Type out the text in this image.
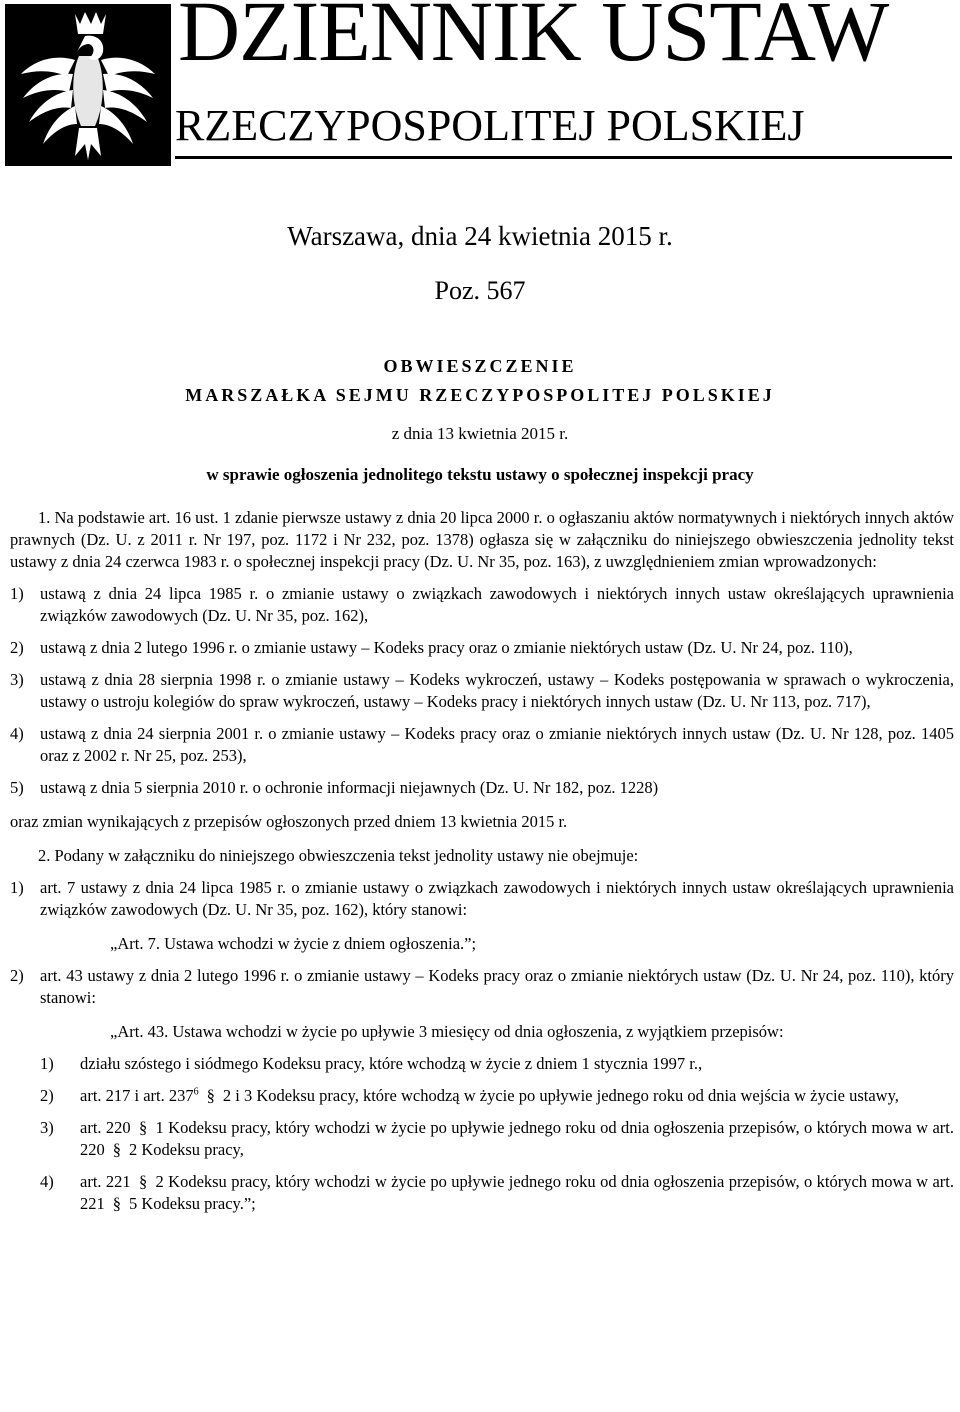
DZIENNIK USTAW
RZECZYPOSPOLITEJ POLSKIEJ
Warszawa, dnia 24 kwietnia 2015 r.
Poz. 567
OBWIESZCZENIE
MARSZAŁKA SEJMU RZECZYPOSPOLITEJ POLSKIEJ
z dnia 13 kwietnia 2015 r.
w sprawie ogłoszenia jednolitego tekstu ustawy o społecznej inspekcji pracy

1. Na podstawie art. 16 ust. 1 zdanie pierwsze ustawy z dnia 20 lipca 2000 r. o ogłaszaniu aktów normatywnych i niektórych innych aktów prawnych (Dz. U. z 2011 r. Nr 197, poz. 1172 i Nr 232, poz. 1378) ogłasza się w załączniku do niniejszego obwieszczenia jednolity tekst ustawy z dnia 24 czerwca 1983 r. o społecznej inspekcji pracy (Dz. U. Nr 35, poz. 163), z uwzględnieniem zmian wprowadzonych:

1) ustawą z dnia 24 lipca 1985 r. o zmianie ustawy o związkach zawodowych i niektórych innych ustaw określających uprawnienia związków zawodowych (Dz. U. Nr 35, poz. 162),
2) ustawą z dnia 2 lutego 1996 r. o zmianie ustawy – Kodeks pracy oraz o zmianie niektórych ustaw (Dz. U. Nr 24, poz. 110),
3) ustawą z dnia 28 sierpnia 1998 r. o zmianie ustawy – Kodeks wykroczeń, ustawy – Kodeks postępowania w sprawach o wykroczenia, ustawy o ustroju kolegiów do spraw wykroczeń, ustawy – Kodeks pracy i niektórych innych ustaw (Dz. U. Nr 113, poz. 717),
4) ustawą z dnia 24 sierpnia 2001 r. o zmianie ustawy – Kodeks pracy oraz o zmianie niektórych innych ustaw (Dz. U. Nr 128, poz. 1405 oraz z 2002 r. Nr 25, poz. 253),
5) ustawą z dnia 5 sierpnia 2010 r. o ochronie informacji niejawnych (Dz. U. Nr 182, poz. 1228)

oraz zmian wynikających z przepisów ogłoszonych przed dniem 13 kwietnia 2015 r.

2. Podany w załączniku do niniejszego obwieszczenia tekst jednolity ustawy nie obejmuje:

1) art. 7 ustawy z dnia 24 lipca 1985 r. o zmianie ustawy o związkach zawodowych i niektórych innych ustaw określających uprawnienia związków zawodowych (Dz. U. Nr 35, poz. 162), który stanowi:
„Art. 7. Ustawa wchodzi w życie z dniem ogłoszenia.”;
2) art. 43 ustawy z dnia 2 lutego 1996 r. o zmianie ustawy – Kodeks pracy oraz o zmianie niektórych ustaw (Dz. U. Nr 24, poz. 110), który stanowi:
„Art. 43. Ustawa wchodzi w życie po upływie 3 miesięcy od dnia ogłoszenia, z wyjątkiem przepisów:
1) działu szóstego i siódmego Kodeksu pracy, które wchodzą w życie z dniem 1 stycznia 1997 r.,
2) art. 217 i art. $237^6$ § 2 i 3 Kodeksu pracy, które wchodzą w życie po upływie jednego roku od dnia wejścia w życie ustawy,
3) art. 220 § 1 Kodeksu pracy, który wchodzi w życie po upływie jednego roku od dnia ogłoszenia przepisów, o których mowa w art. 220 § 2 Kodeksu pracy,
4) art. 221 § 2 Kodeksu pracy, który wchodzi w życie po upływie jednego roku od dnia ogłoszenia przepisów, o których mowa w art. 221 § 5 Kodeksu pracy.”;
